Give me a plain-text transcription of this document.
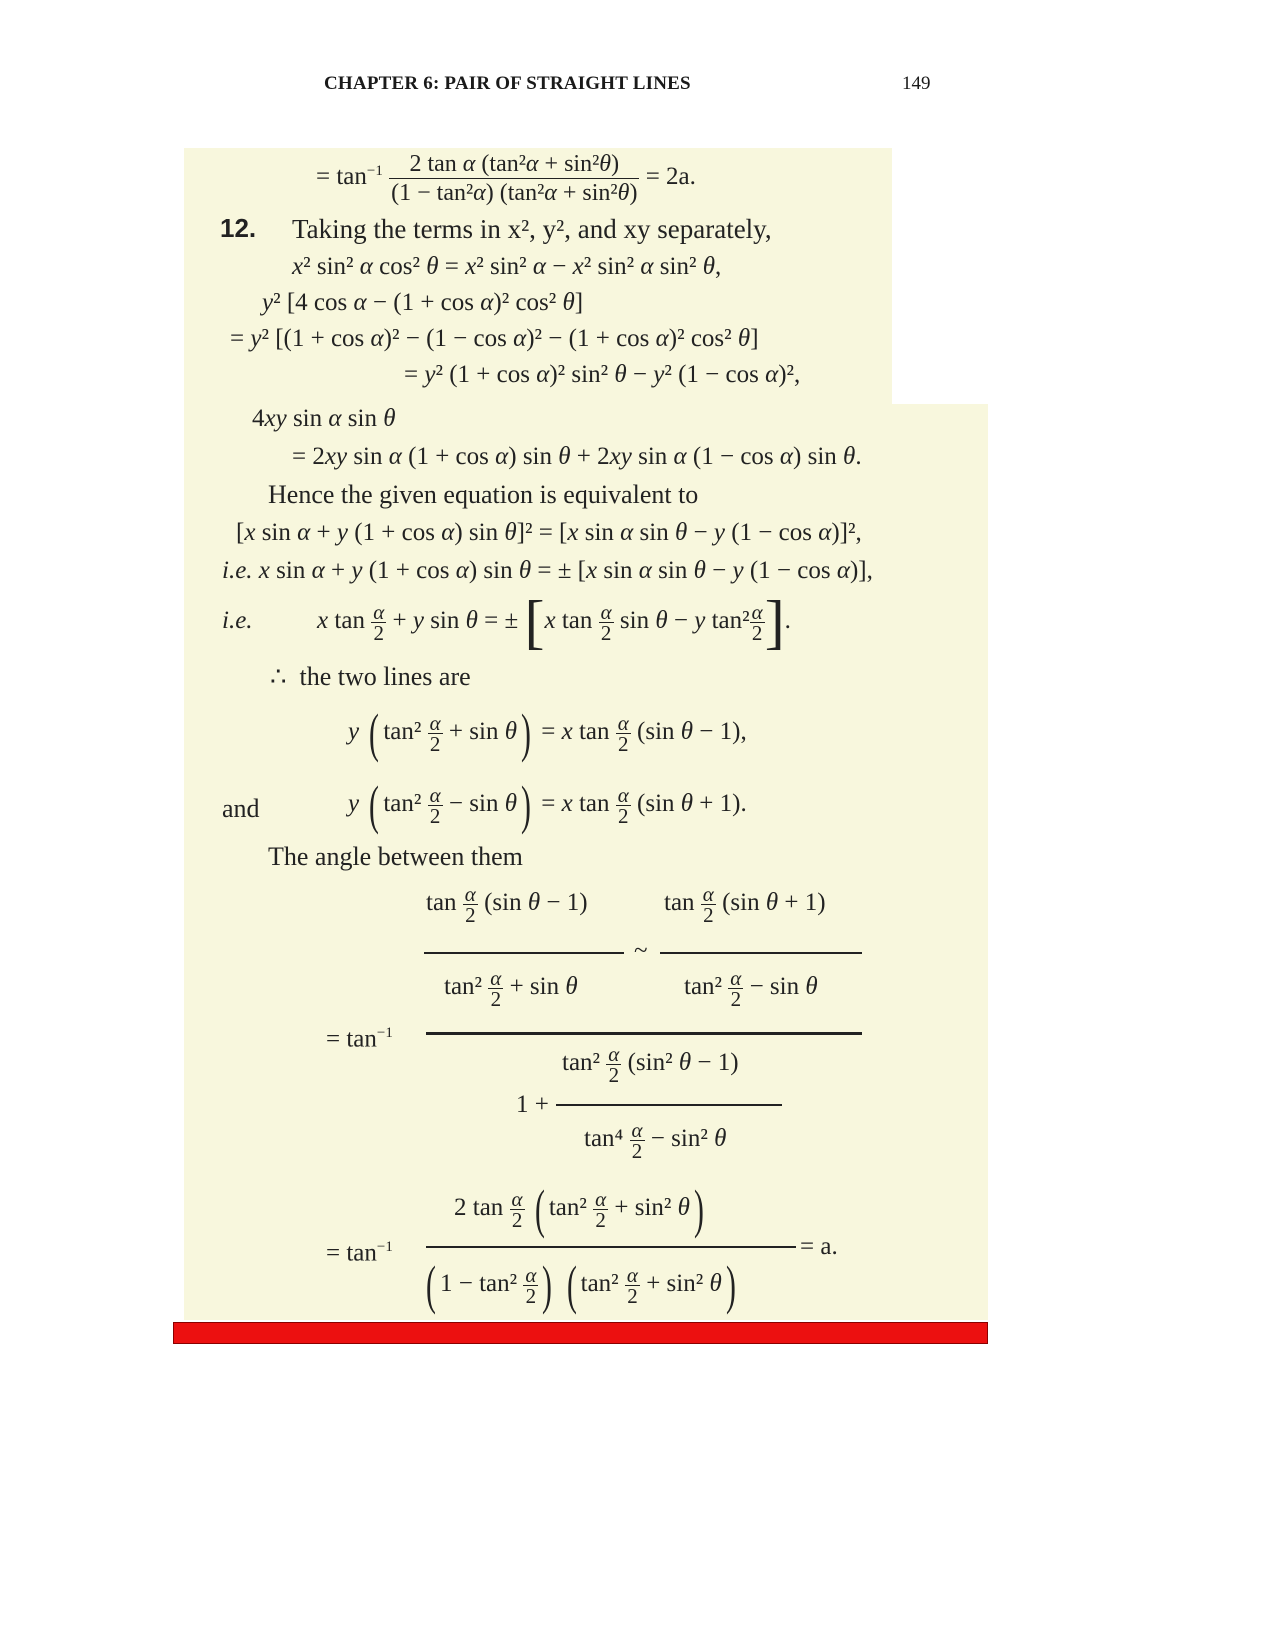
CHAPTER 6: PAIR OF STRAIGHT LINES	149
= $\tan^{-1} \frac{\text{2 tan α (tan²α + sin²θ)}}{\text{(1 − tan²α) (tan²α + sin²θ)}} = 2a$.
12. Taking the terms in x², y², and xy separately,
x² sin² α cos² θ = x² sin² α − x² sin² α sin² θ,
y² [4 cos α − (1 + cos α)² cos² θ]
= y² [(1 + cos α)² − (1 − cos α)² − (1 + cos α)² cos² θ]
= y² (1 + cos α)² sin² θ − y² (1 − cos α)²,
4xy sin α sin θ
= 2xy sin α (1 + cos α) sin θ + 2xy sin α (1 − cos α) sin θ.
Hence the given equation is equivalent to
[x sin α + y (1 + cos α) sin θ]² = [x sin α sin θ − y (1 − cos α)]²,
i.e. x sin α + y (1 + cos α) sin θ = ± [x sin α sin θ − y (1 − cos α)],
i.e.	x $\tan \frac{\alpha}{2} + y$ sin θ = ± [x $\tan \frac{\alpha}{2}$ sin θ − y $\tan^2 \frac{\alpha}{2}$ ].
∴ the two lines are
y ( $\tan^2 \frac{\alpha}{2} + \sin \theta) = x$ $\tan \frac{\alpha}{2} (\sin$ θ − 1),
and	y ( $\tan^2 \frac{\alpha}{2} - \sin \theta) = x$ $\tan \frac{\alpha}{2} (\sin$ θ + 1).
The angle between them
$\tan \frac{\alpha}{2} (\sin$ θ − 1)	$\tan \frac{\alpha}{2} (\sin$ θ + 1)
~
$\tan^2 \frac{\alpha}{2} + \sin \theta$	$\tan^2 \frac{\alpha}{2} - \sin \theta$
= $\tan^{-1}$
$\tan^2 \frac{\alpha}{2} (\sin^2$ θ − 1)
1 +
$\tan^4 \frac{\alpha}{2} - \sin^2$ θ
2 $\tan \frac{\alpha}{2}$ ( $\tan^2 \frac{\alpha}{2} + \sin^2$ θ)
= $\tan^{-1}$	= a.
( $1 - \tan^2 \frac{\alpha}{2}$ ) ( $\tan^2 \frac{\alpha}{2} + \sin^2$ θ)
